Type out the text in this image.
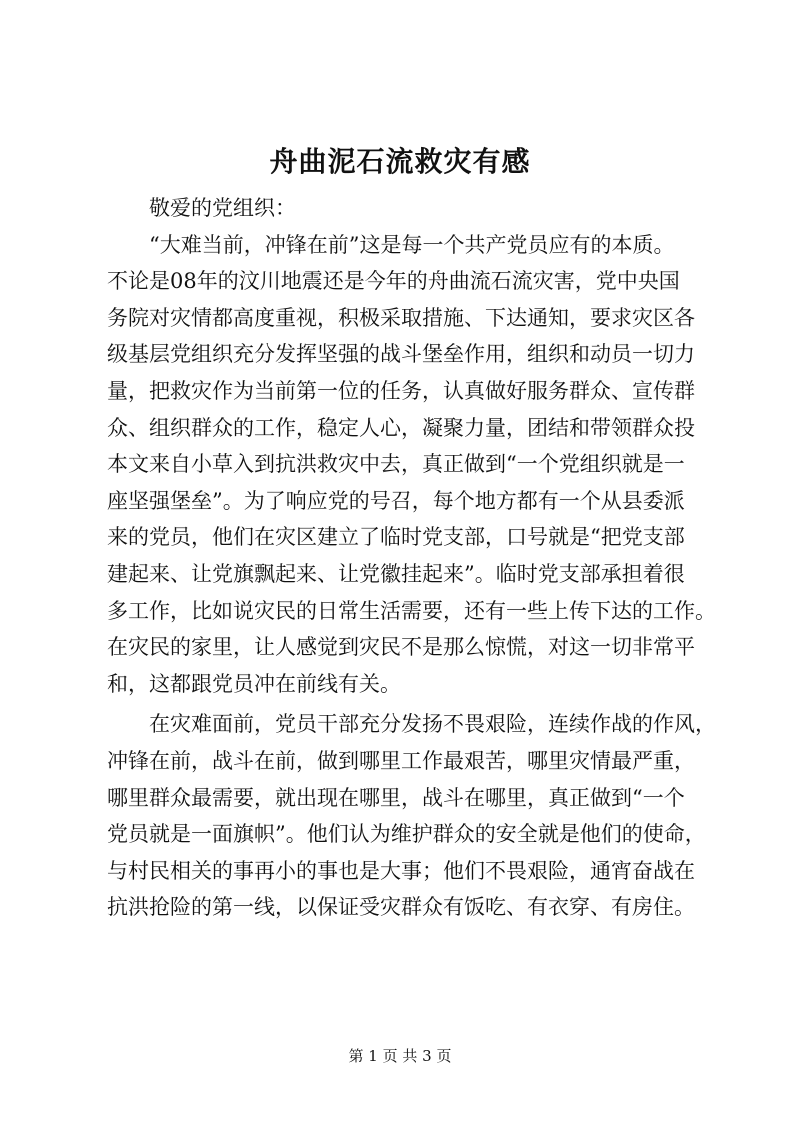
舟曲泥石流救灾有感
　　敬爱的党组织：
　　“大难当前，冲锋在前”这是每一个共产党员应有的本质。
不论是08年的汶川地震还是今年的舟曲流石流灾害，党中央国
务院对灾情都高度重视，积极采取措施、下达通知，要求灾区各
级基层党组织充分发挥坚强的战斗堡垒作用，组织和动员一切力
量，把救灾作为当前第一位的任务，认真做好服务群众、宣传群
众、组织群众的工作，稳定人心，凝聚力量，团结和带领群众投
本文来自小草入到抗洪救灾中去，真正做到“一个党组织就是一
座坚强堡垒”。为了响应党的号召，每个地方都有一个从县委派
来的党员，他们在灾区建立了临时党支部，口号就是“把党支部
建起来、让党旗飘起来、让党徽挂起来”。临时党支部承担着很
多工作，比如说灾民的日常生活需要，还有一些上传下达的工作。
在灾民的家里，让人感觉到灾民不是那么惊慌，对这一切非常平
和，这都跟党员冲在前线有关。
　　在灾难面前，党员干部充分发扬不畏艰险，连续作战的作风，
冲锋在前，战斗在前，做到哪里工作最艰苦，哪里灾情最严重，
哪里群众最需要，就出现在哪里，战斗在哪里，真正做到“一个
党员就是一面旗帜”。他们认为维护群众的安全就是他们的使命，
与村民相关的事再小的事也是大事；他们不畏艰险，通宵奋战在
抗洪抢险的第一线，以保证受灾群众有饭吃、有衣穿、有房住。
第 1 页 共 3 页
